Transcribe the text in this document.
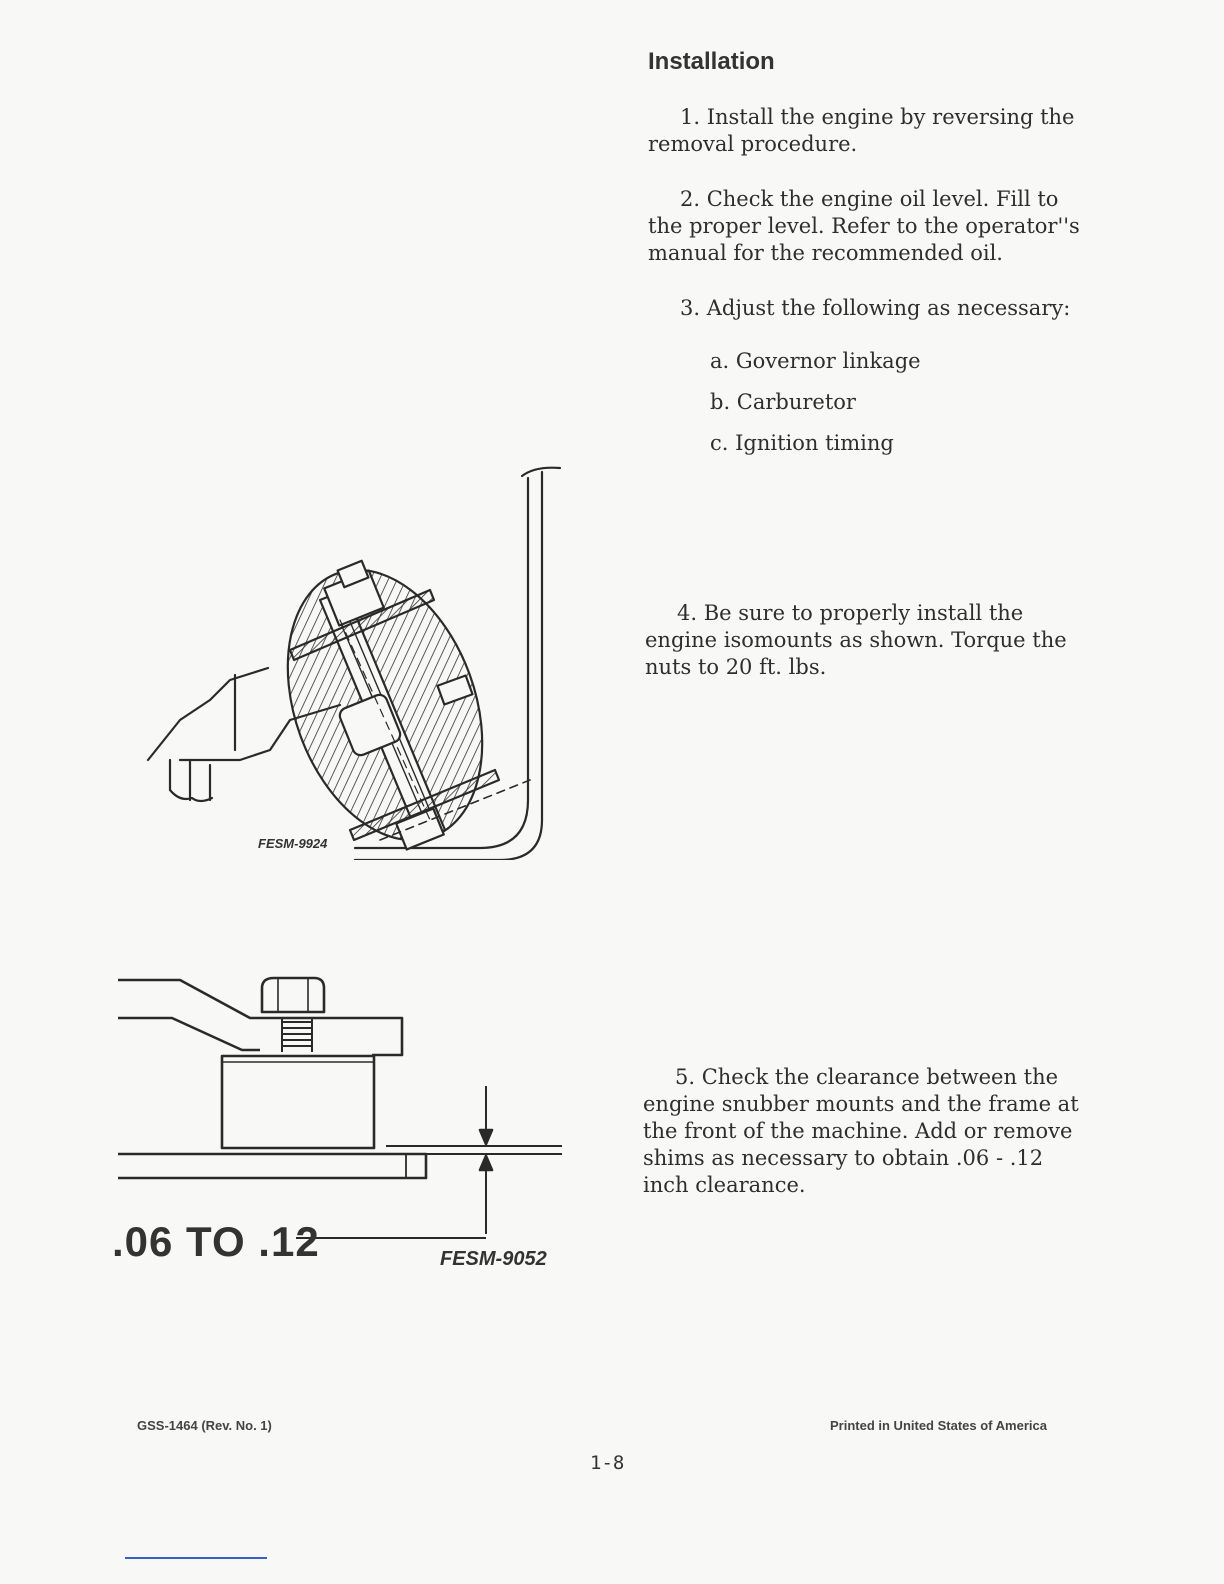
Installation
1. Install the engine by reversing the removal procedure.
2. Check the engine oil level. Fill to the proper level. Refer to the operator''s manual for the recommended oil.
3. Adjust the following as necessary:
a. Governor linkage
b. Carburetor
c. Ignition timing
4. Be sure to properly install the engine isomounts as shown. Torque the nuts to 20 ft. lbs.
5. Check the clearance between the engine snubber mounts and the frame at the front of the machine. Add or remove shims as necessary to obtain .06 - .12 inch clearance.
FESM-9924
.06 TO .12	FESM-9052
GSS-1464 (Rev. No. 1)	Printed in United States of America
1-8
